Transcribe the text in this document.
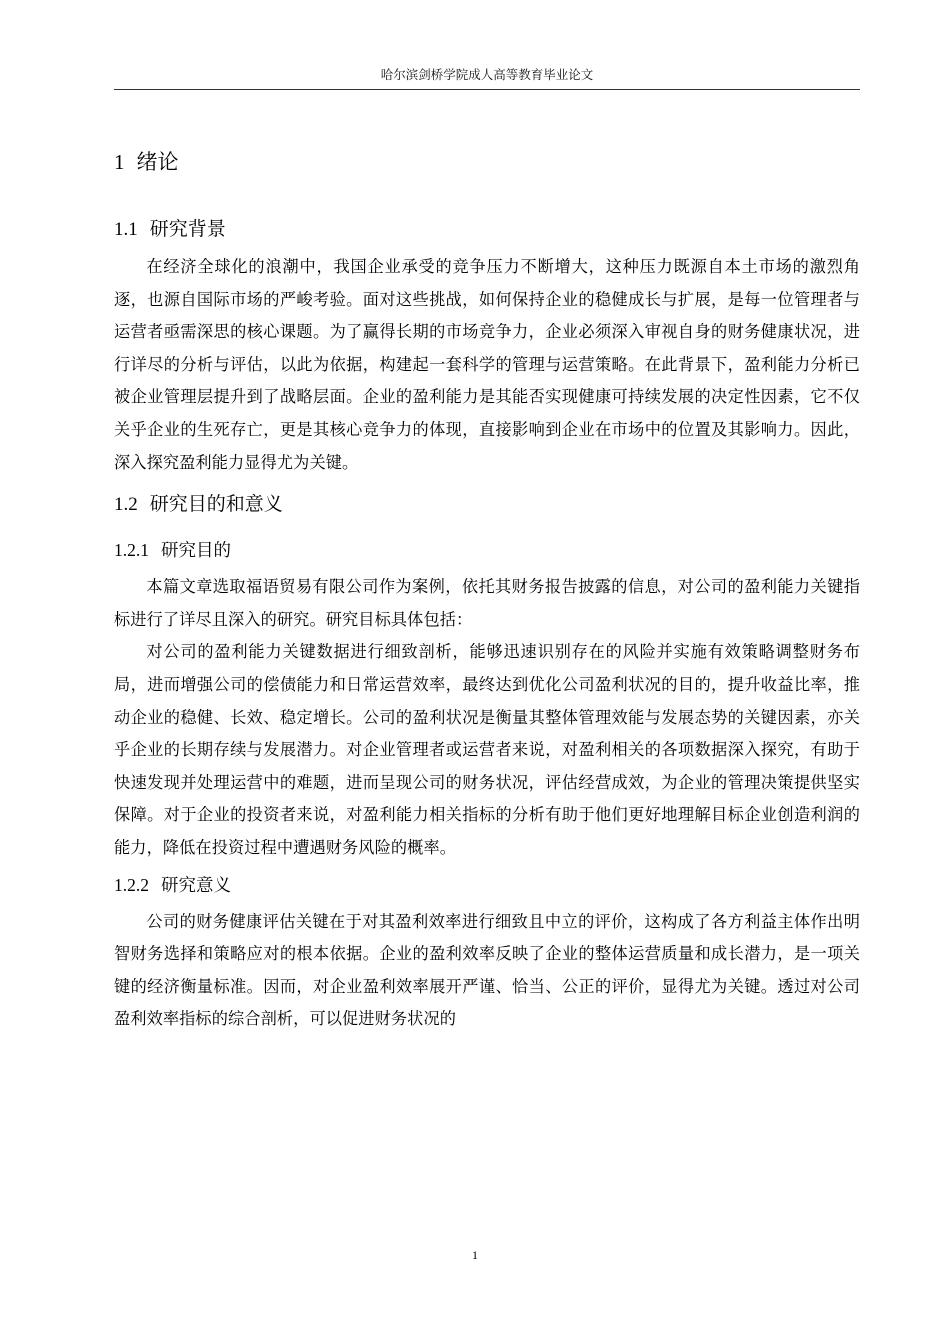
哈尔滨剑桥学院成人高等教育毕业论文
1 绪论
1.1 研究背景

在经济全球化的浪潮中，我国企业承受的竞争压力不断增大，这种压力既源自本土市场的激烈角逐，也源自国际市场的严峻考验。面对这些挑战，如何保持企业的稳健成长与扩展，是每一位管理者与运营者亟需深思的核心课题。为了赢得长期的市场竞争力，企业必须深入审视自身的财务健康状况，进行详尽的分析与评估，以此为依据，构建起一套科学的管理与运营策略。在此背景下，盈利能力分析已被企业管理层提升到了战略层面。企业的盈利能力是其能否实现健康可持续发展的决定性因素，它不仅关乎企业的生死存亡，更是其核心竞争力的体现，直接影响到企业在市场中的位置及其影响力。因此，深入探究盈利能力显得尤为关键。

1.2 研究目的和意义
1.2.1 研究目的

本篇文章选取福语贸易有限公司作为案例，依托其财务报告披露的信息，对公司的盈利能力关键指标进行了详尽且深入的研究。研究目标具体包括：

对公司的盈利能力关键数据进行细致剖析，能够迅速识别存在的风险并实施有效策略调整财务布局，进而增强公司的偿债能力和日常运营效率，最终达到优化公司盈利状况的目的，提升收益比率，推动企业的稳健、长效、稳定增长。公司的盈利状况是衡量其整体管理效能与发展态势的关键因素，亦关乎企业的长期存续与发展潜力。对企业管理者或运营者来说，对盈利相关的各项数据深入探究，有助于快速发现并处理运营中的难题，进而呈现公司的财务状况，评估经营成效，为企业的管理决策提供坚实保障。对于企业的投资者来说，对盈利能力相关指标的分析有助于他们更好地理解目标企业创造利润的能力，降低在投资过程中遭遇财务风险的概率。

1.2.2 研究意义

公司的财务健康评估关键在于对其盈利效率进行细致且中立的评价，这构成了各方利益主体作出明智财务选择和策略应对的根本依据。企业的盈利效率反映了企业的整体运营质量和成长潜力，是一项关键的经济衡量标准。因而，对企业盈利效率展开严谨、恰当、公正的评价，显得尤为关键。透过对公司盈利效率指标的综合剖析，可以促进财务状况的

1
